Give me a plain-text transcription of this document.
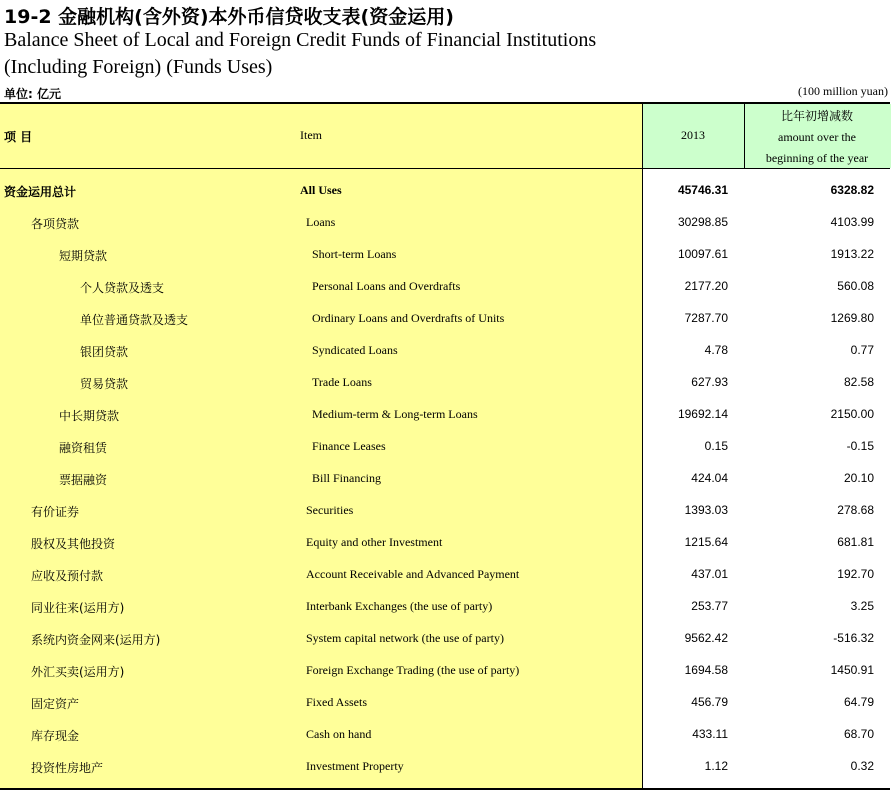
19-2 金融机构(含外资)本外币信贷收支表(资金运用)
Balance Sheet of Local and Foreign Credit Funds of Financial Institutions
(Including Foreign) (Funds Uses)
单位: 亿元	(100 million yuan)
项 目	Item	2013
比年初增减数
amount over the
beginning of the year
资金运用总计	All Uses	45746.31	6328.82
各项贷款	Loans	30298.85	4103.99
短期贷款	Short-term Loans	10097.61	1913.22
个人贷款及透支	Personal Loans and Overdrafts	2177.20	560.08
单位普通贷款及透支	Ordinary Loans and Overdrafts of Units	7287.70	1269.80
银团贷款	Syndicated Loans	4.78	0.77
贸易贷款	Trade Loans	627.93	82.58
中长期贷款	Medium-term & Long-term Loans	19692.14	2150.00
融资租赁	Finance Leases	0.15	-0.15
票据融资	Bill Financing	424.04	20.10
有价证券	Securities	1393.03	278.68
股权及其他投资	Equity and other Investment	1215.64	681.81
应收及预付款	Account Receivable and Advanced Payment	437.01	192.70
同业往来(运用方)	Interbank Exchanges (the use of party)	253.77	3.25
系统内资金网来(运用方)	System capital network (the use of party)	9562.42	-516.32
外汇买卖(运用方)	Foreign Exchange Trading (the use of party)	1694.58	1450.91
固定资产	Fixed Assets	456.79	64.79
库存现金	Cash on hand	433.11	68.70
投资性房地产	Investment Property	1.12	0.32
